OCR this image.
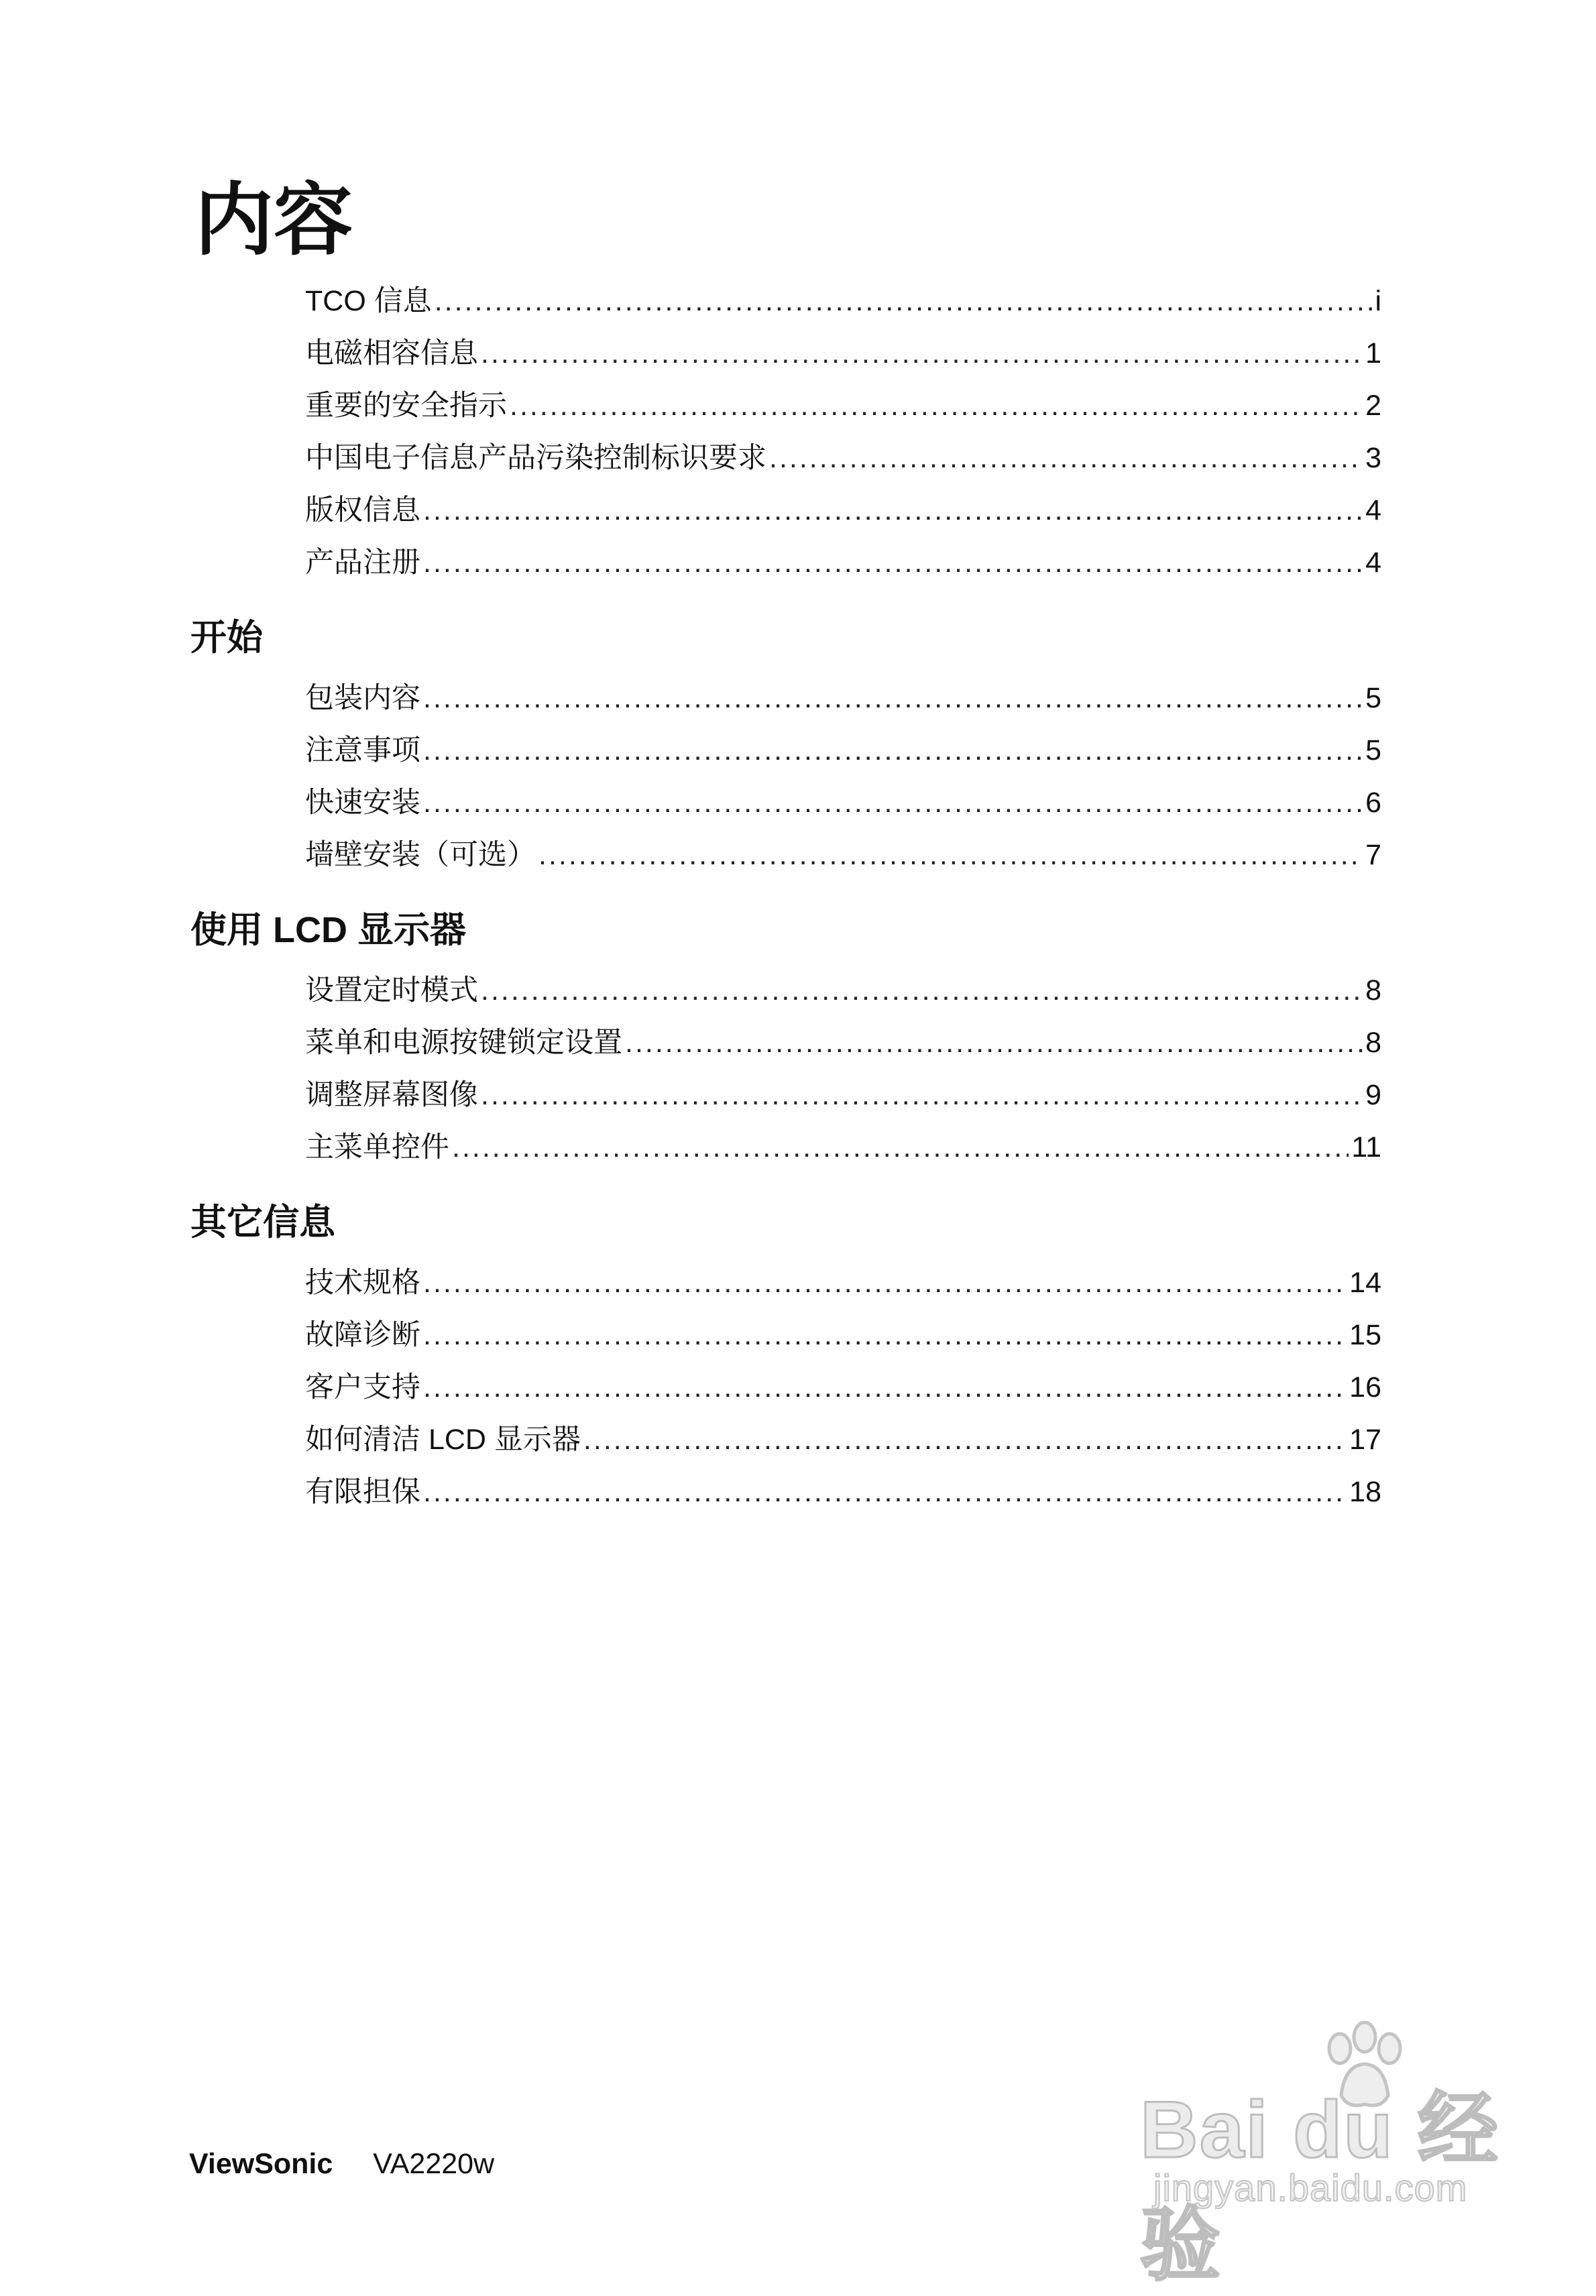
内容
TCO 信息 .....	i
电磁相容信息 .....	1
重要的安全指示 .....	2
中国电子信息产品污染控制标识要求 .....	3
版权信息 .....	4
产品注册 .....	4
开始
包装内容 .....	5
注意事项 .....	5
快速安装 .....	6
墙壁安装（可选） .....	7
使用 LCD 显示器
设置定时模式 .....	8
菜单和电源按键锁定设置 .....	8
调整屏幕图像 .....	9
主菜单控件 .....	11
其它信息
技术规格 .....	14
故障诊断 .....	15
客户支持 .....	16
如何清洁 LCD 显示器 .....	17
有限担保 .....	18
ViewSonic VA2220w	Bai du 经验
jingyan.baidu.com
